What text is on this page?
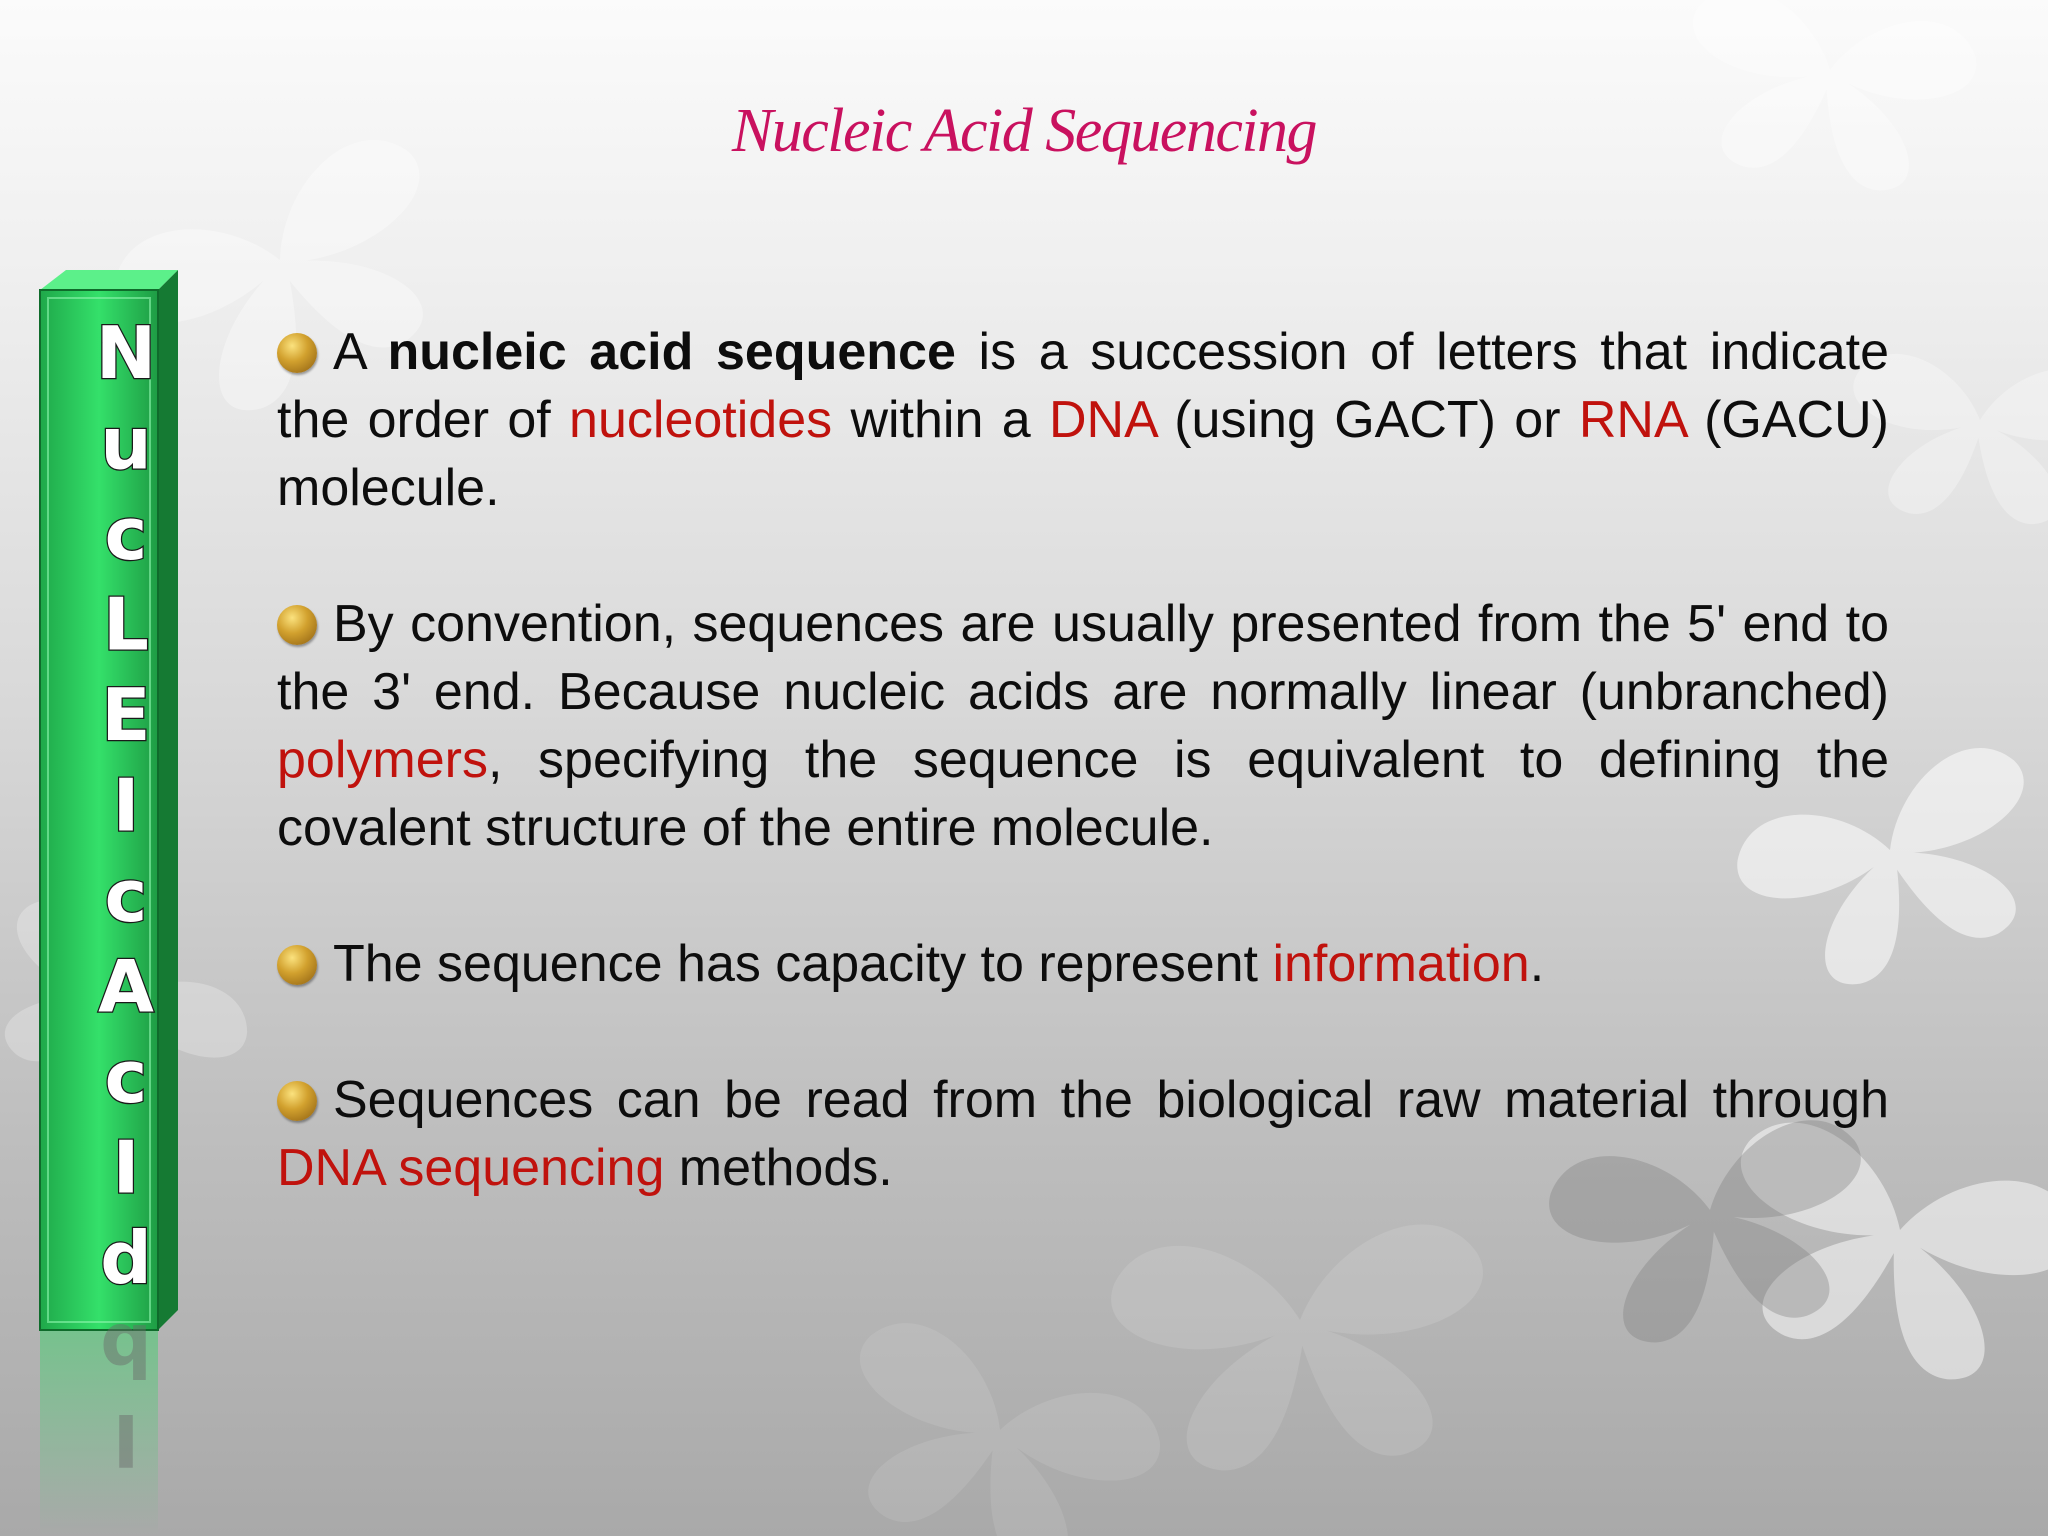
N
u
c
L
E
I
c
A
c
I
d
d
I
Nucleic Acid Sequencing
A nucleic acid sequence is a succession of letters that indicate the order of nucleotides within a DNA (using GACT) or RNA (GACU) molecule.
By convention, sequences are usually presented from the 5' end to the 3' end. Because nucleic acids are normally linear (unbranched) polymers, specifying the sequence is equivalent to defining the covalent structure of the entire molecule.
The sequence has capacity to represent information.
Sequences can be read from the biological raw material through DNA sequencing methods.
